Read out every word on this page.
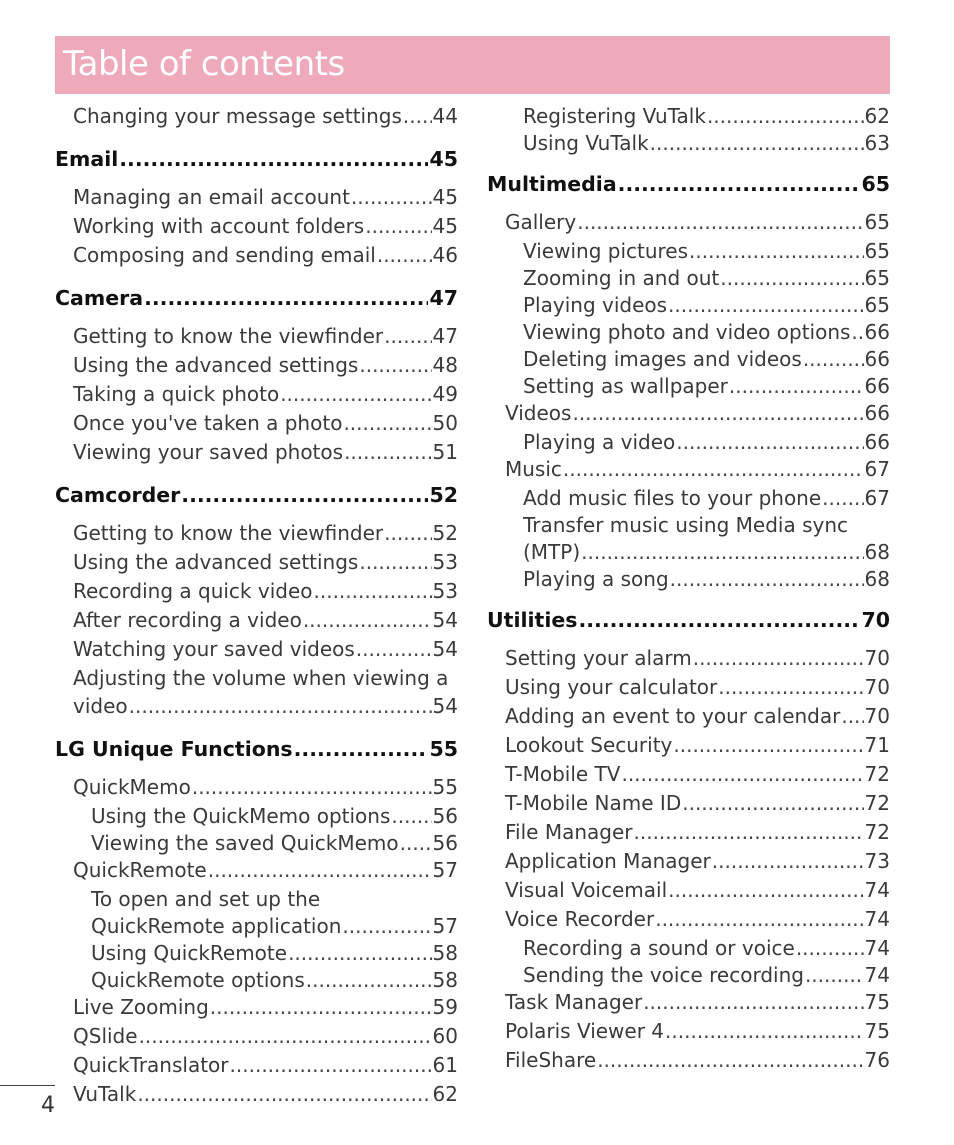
Table of contents
Changing your message settings ..... 44
Email .....	45
Managing an email account .....	45
Working with account folders .....	45
Composing and sending email .....	46
Camera .....	47
Getting to know the viewfinder ..... 47
Using the advanced settings .....	48
Taking a quick photo .....	49
Once you've taken a photo .....	50
Viewing your saved photos .....	51
Camcorder .....	52
Getting to know the viewfinder ..... 52
Using the advanced settings .....	53
Recording a quick video .....	53
After recording a video .....	54
Watching your saved videos .....	54
Adjusting the volume when viewing a
video .....	54
LG Unique Functions .....	55
QuickMemo .....	55
Using the QuickMemo options ..... 56
Viewing the saved QuickMemo ..... 56
QuickRemote .....	57
To open and set up the
QuickRemote application .....	57
Using QuickRemote .....	58
QuickRemote options .....	58
Live Zooming .....	59
QSlide .....	60
QuickTranslator .....	61
VuTalk .....	62
Registering VuTalk .....	62
Using VuTalk .....	63
Multimedia .....	65
Gallery .....	65
Viewing pictures .....	65
Zooming in and out .....	65
Playing videos .....	65
Viewing photo and video options ..... 66
Deleting images and videos .....	66
Setting as wallpaper .....	66
Videos .....	66
Playing a video .....	66
Music .....	67
Add music files to your phone ..... 67
Transfer music using Media sync
(MTP) .....	68
Playing a song .....	68
Utilities .....	70
Setting your alarm .....	70
Using your calculator .....	70
Adding an event to your calendar ..... 70
Lookout Security .....	71
T-Mobile TV .....	72
T-Mobile Name ID .....	72
File Manager .....	72
Application Manager .....	73
Visual Voicemail .....	74
Voice Recorder .....	74
Recording a sound or voice .....	74
Sending the voice recording .....	74
Task Manager .....	75
Polaris Viewer 4 .....	75
FileShare .....	76
4
